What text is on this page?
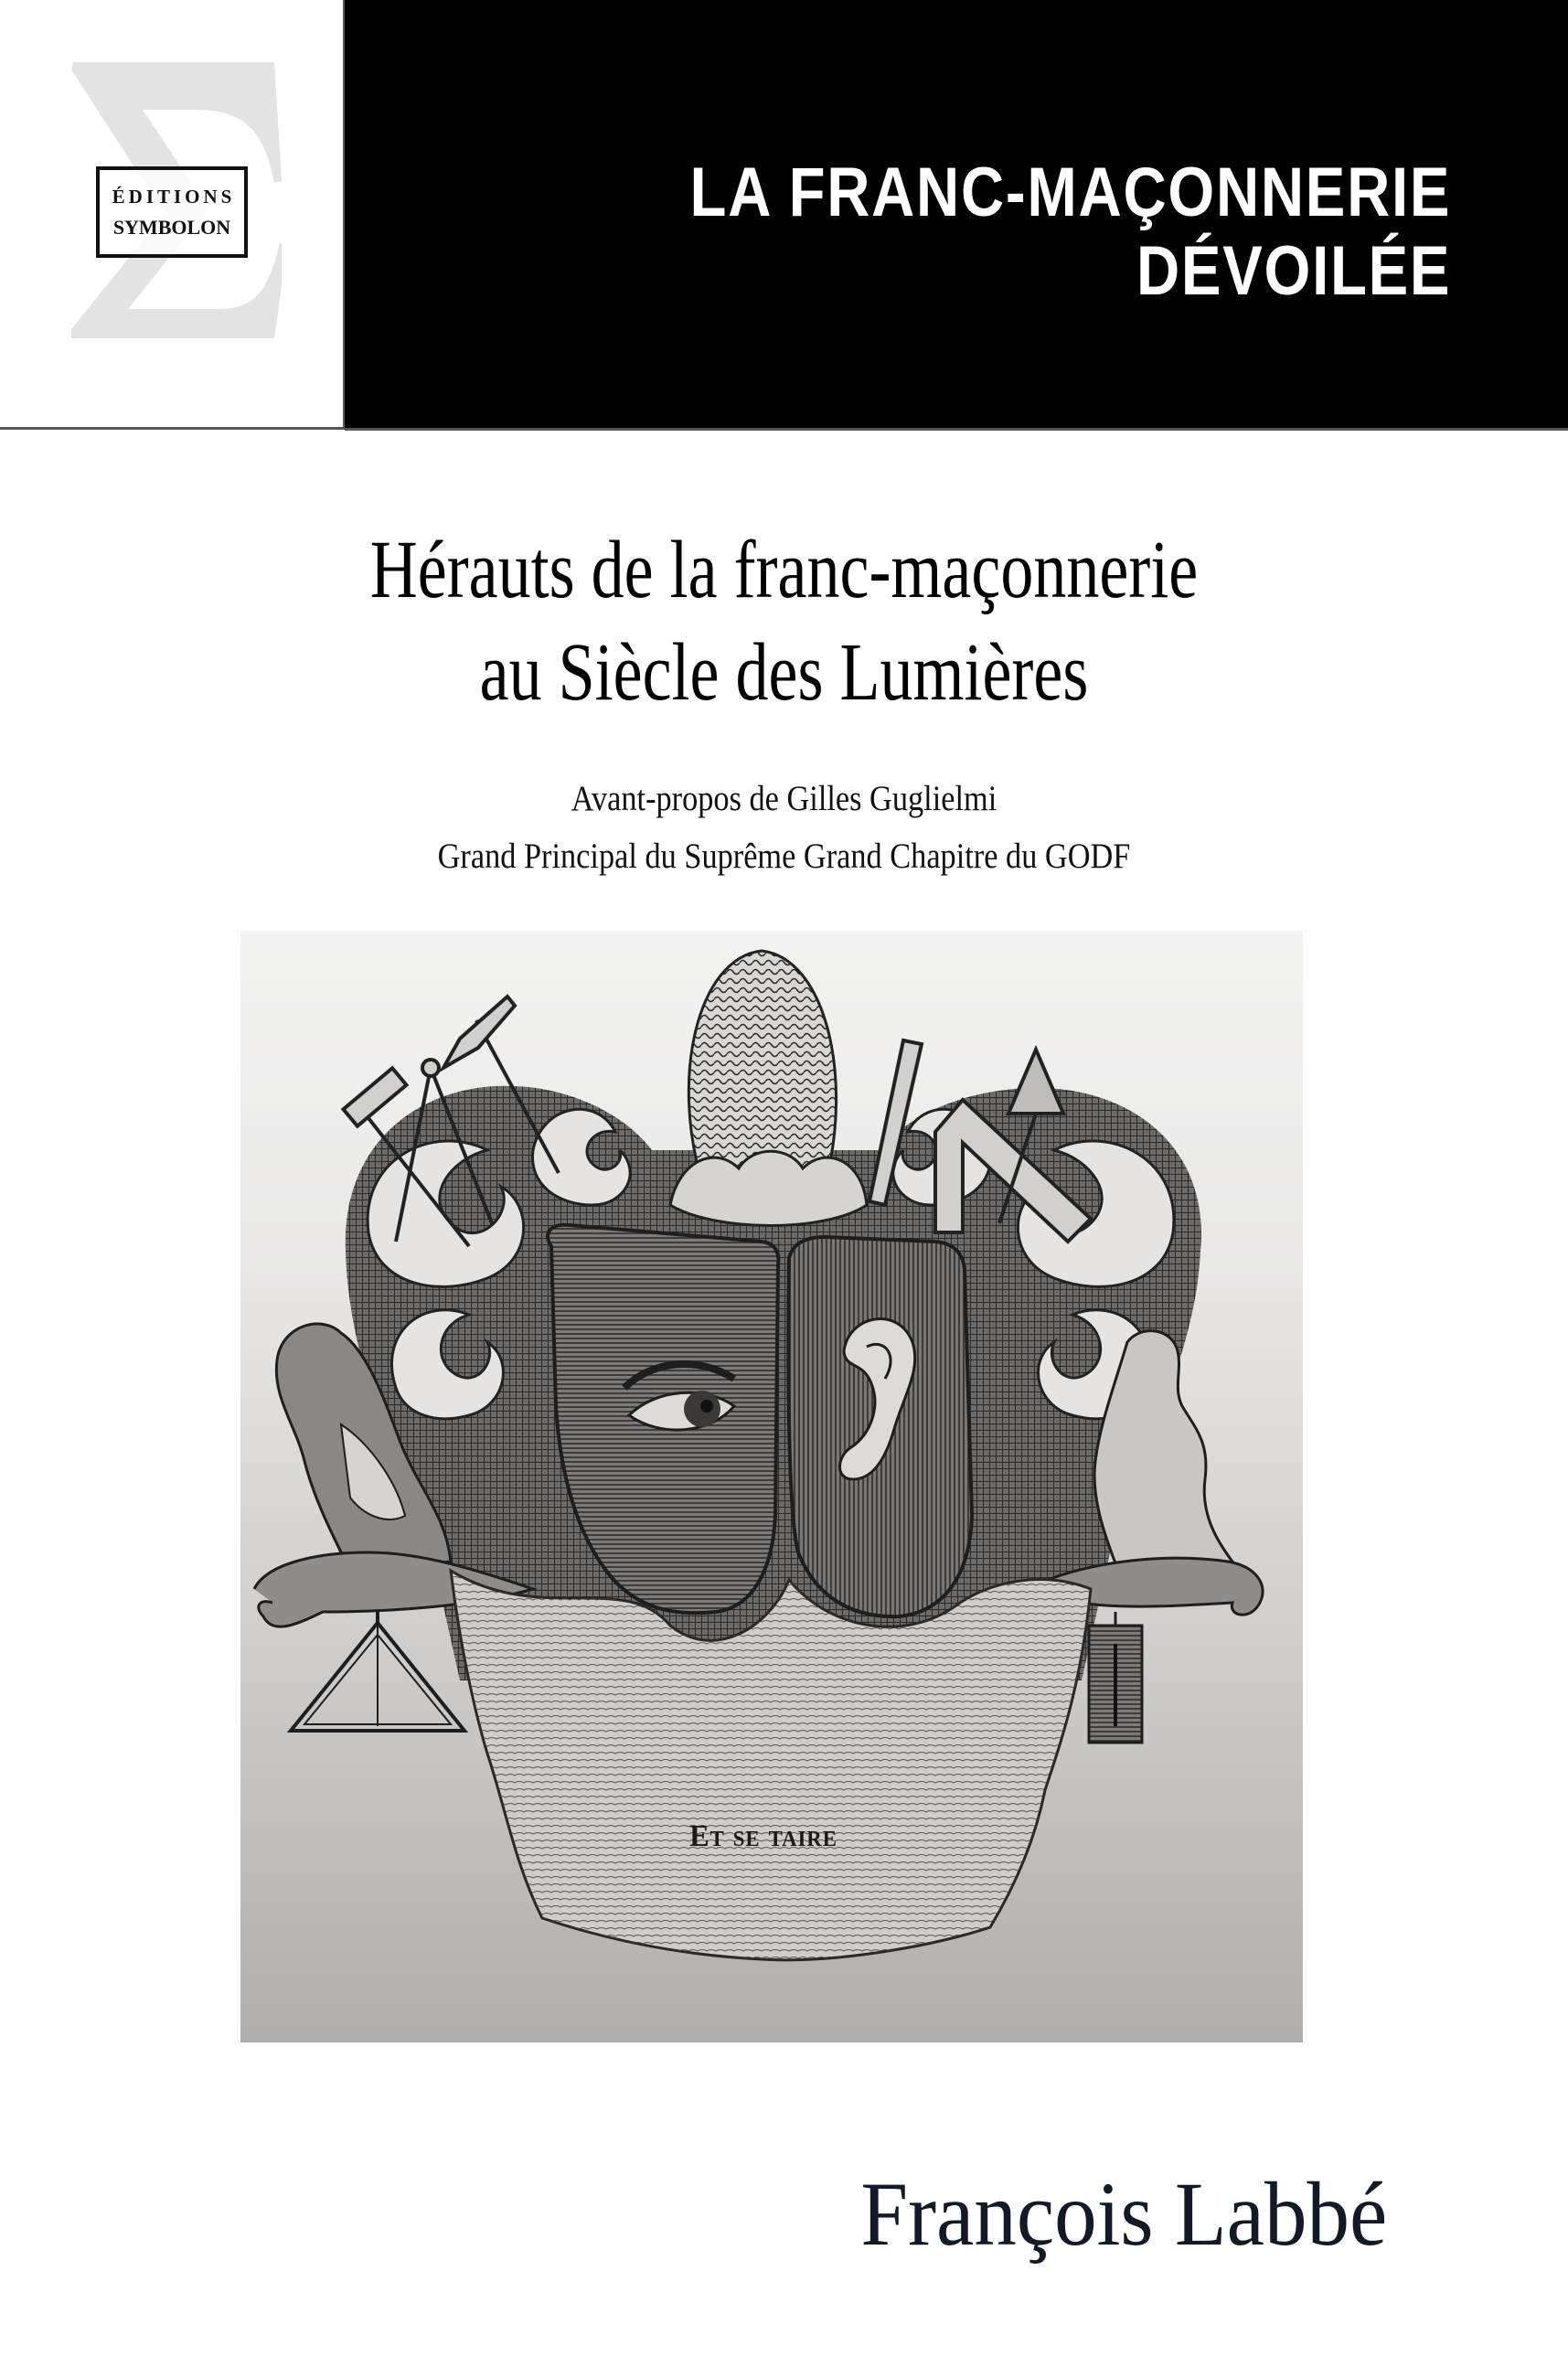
ÉDITIONS
SYMBOLON	LA FRANC-MAÇONNERIE
DÉVOILÉE
Hérauts de la franc-maçonnerie
au Siècle des Lumières
Avant-propos de Gilles Guglielmi
Grand Principal du Suprême Grand Chapitre du GODF
Et se taire
François Labbé
